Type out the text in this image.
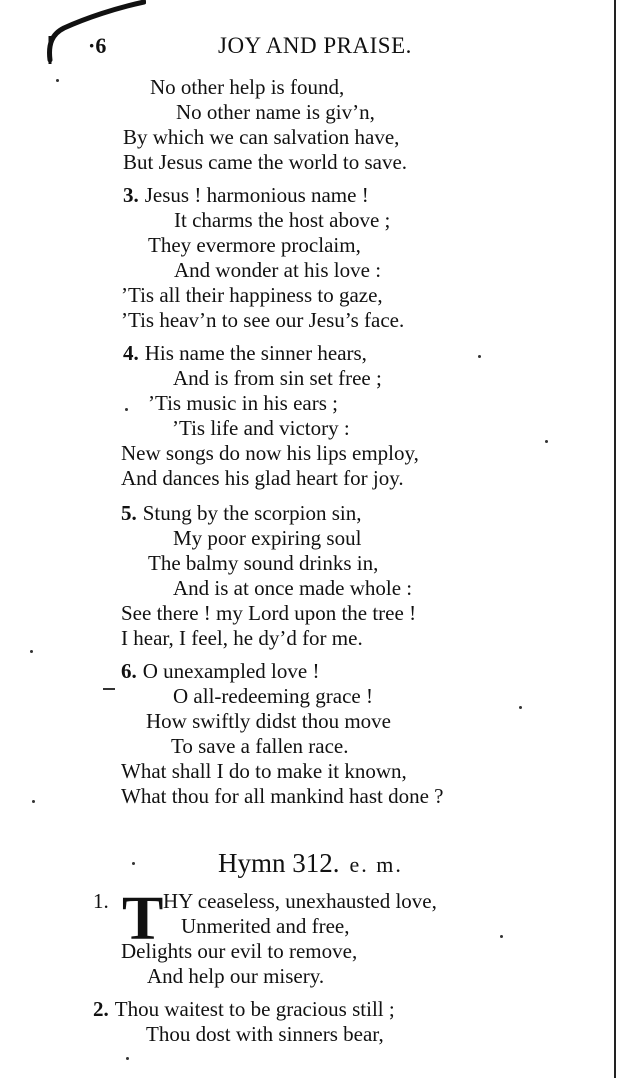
·6	JOY AND PRAISE.
No other help is found,
No other name is giv’n,
By which we can salvation have,
But Jesus came the world to save.
3. Jesus ! harmonious name !
It charms the host above ;
They evermore proclaim,
And wonder at his love :
’Tis all their happiness to gaze,
’Tis heav’n to see our Jesu’s face.
4. His name the sinner hears,
And is from sin set free ;
’Tis music in his ears ;
’Tis life and victory :
New songs do now his lips employ,
And dances his glad heart for joy.
5. Stung by the scorpion sin,
My poor expiring soul
The balmy sound drinks in,
And is at once made whole :
See there ! my Lord upon the tree !
I hear, I feel, he dy’d for me.
6. O unexampled love !
O all-redeeming grace !
How swiftly didst thou move
To save a fallen race.
What shall I do to make it known,
What thou for all mankind hast done ?
Hymn 312. e. m.
1. T HY ceaseless, unexhausted love,
Unmerited and free,
Delights our evil to remove,
And help our misery.
2. Thou waitest to be gracious still ;
Thou dost with sinners bear,
